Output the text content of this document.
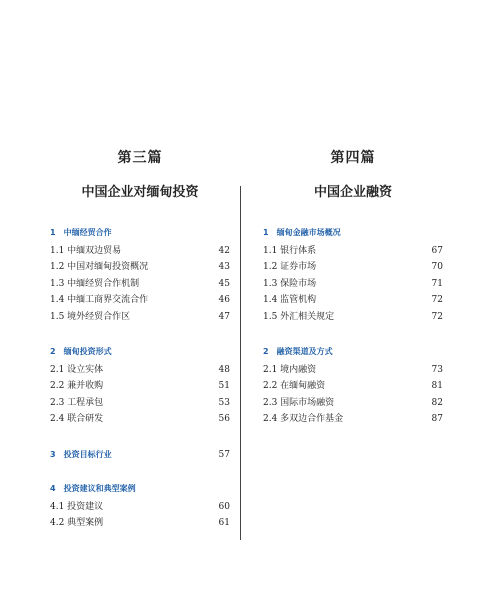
第三篇
中国企业对缅甸投资
1 中缅经贸合作
1.1 中缅双边贸易	42
1.2 中国对缅甸投资概况	43
1.3 中缅经贸合作机制	45
1.4 中缅工商界交流合作	46
1.5 境外经贸合作区	47
2 缅甸投资形式
2.1 设立实体	48
2.2 兼并收购	51
2.3 工程承包	53
2.4 联合研发	56
3 投资目标行业	57
4 投资建议和典型案例
4.1 投资建议	60
4.2 典型案例	61
第四篇
中国企业融资
1 缅甸金融市场概况
1.1 银行体系	67
1.2 证券市场	70
1.3 保险市场	71
1.4 监管机构	72
1.5 外汇相关规定	72
2 融资渠道及方式
2.1 境内融资	73
2.2 在缅甸融资	81
2.3 国际市场融资	82
2.4 多双边合作基金	87
